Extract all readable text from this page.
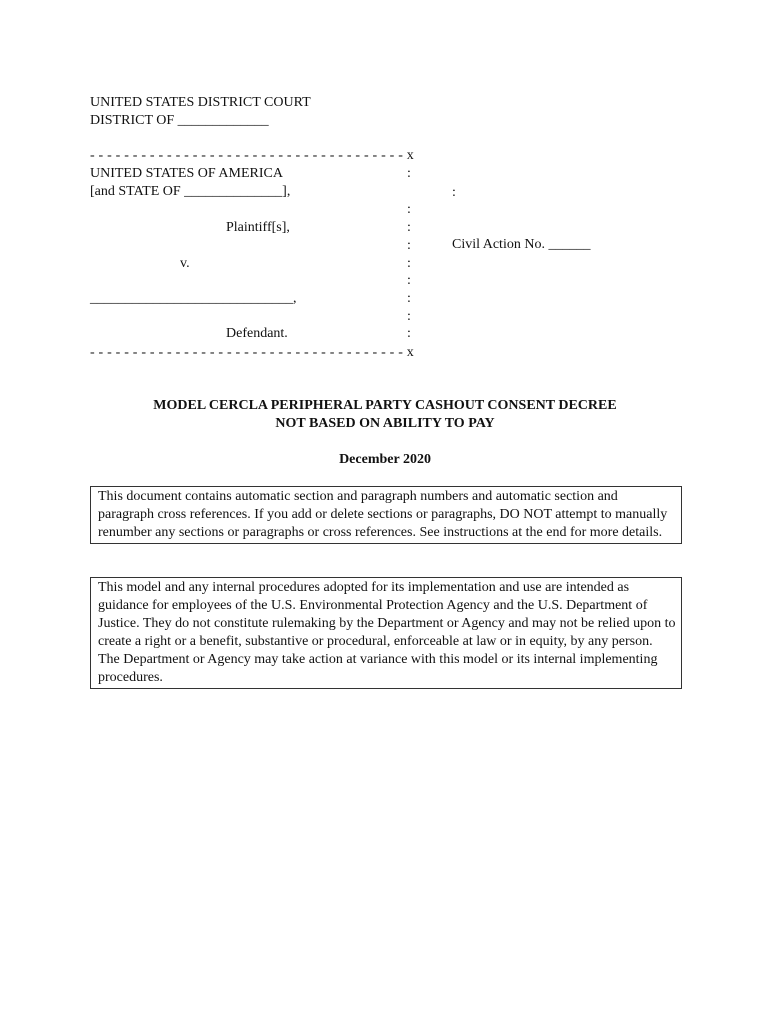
UNITED STATES DISTRICT COURT
DISTRICT OF _____________
- - - - - - - - - - - - - - - - - - - - - - - - - - - - - - - - - - - - - x
UNITED STATES OF AMERICA
[and STATE OF ______________],
Plaintiff[s],
v.
_____________________________,
Defendant.
- - - - - - - - - - - - - - - - - - - - - - - - - - - - - - - - - - - - - x
:
:
:
:
:
:
:
:
:
:
Civil Action No. ______
MODEL CERCLA PERIPHERAL PARTY CASHOUT CONSENT DECREE
NOT BASED ON ABILITY TO PAY
December 2020
This document contains automatic section and paragraph numbers and automatic section and paragraph cross references. If you add or delete sections or paragraphs, DO NOT attempt to manually renumber any sections or paragraphs or cross references. See instructions at the end for more details.
This model and any internal procedures adopted for its implementation and use are intended as guidance for employees of the U.S. Environmental Protection Agency and the U.S. Department of Justice. They do not constitute rulemaking by the Department or Agency and may not be relied upon to create a right or a benefit, substantive or procedural, enforceable at law or in equity, by any person. The Department or Agency may take action at variance with this model or its internal implementing procedures.
